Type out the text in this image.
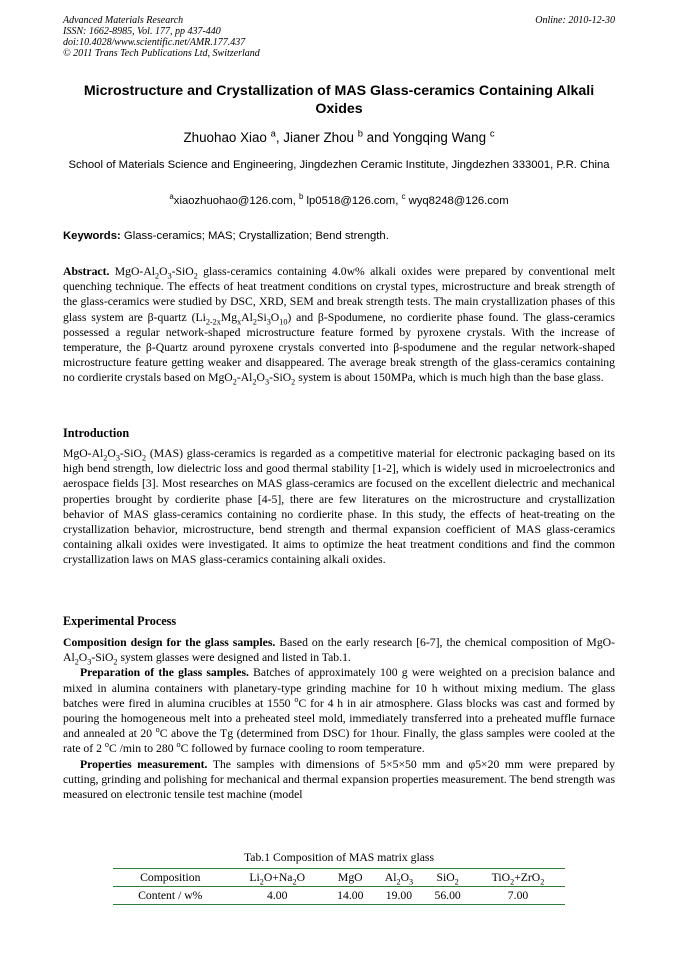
Advanced Materials Research
ISSN: 1662-8985, Vol. 177, pp 437-440
doi:10.4028/www.scientific.net/AMR.177.437
© 2011 Trans Tech Publications Ltd, Switzerland
Online: 2010-12-30
Microstructure and Crystallization of MAS Glass-ceramics Containing Alkali Oxides
Zhuohao Xiao $^a$, Jianer Zhou $^b$ and Yongqing Wang $^c$
School of Materials Science and Engineering, Jingdezhen Ceramic Institute, Jingdezhen 333001, P.R. China
$^a$xiaozhuohao@126.com, $^b$ lp0518@126.com, $^c$ wyq8248@126.com
Keywords: Glass-ceramics; MAS; Crystallization; Bend strength.
Abstract. MgO-$Al_2O_3-SiO_2$ glass-ceramics containing 4.0w% alkali oxides were prepared by conventional melt quenching technique. The effects of heat treatment conditions on crystal types, microstructure and break strength of the glass-ceramics were studied by DSC, XRD, SEM and break strength tests. The main crystallization phases of this glass system are β-quartz $(Li_{2-2x}Mg_xAl_2Si_3O_{10})$ and β-Spodumene, no cordierite phase found. The glass-ceramics possessed a regular network-shaped microstructure feature formed by pyroxene crystals. With the increase of temperature, the β-Quartz around pyroxene crystals converted into β-spodumene and the regular network-shaped microstructure feature getting weaker and disappeared. The average break strength of the glass-ceramics containing no cordierite crystals based on $MgO_2-Al_2O_3-SiO_2$ system is about 150MPa, which is much high than the base glass.
Introduction
MgO-$Al_2O_3-SiO_2$ (MAS) glass-ceramics is regarded as a competitive material for electronic packaging based on its high bend strength, low dielectric loss and good thermal stability [1-2], which is widely used in microelectronics and aerospace fields [3]. Most researches on MAS glass-ceramics are focused on the excellent dielectric and mechanical properties brought by cordierite phase [4-5], there are few literatures on the microstructure and crystallization behavior of MAS glass-ceramics containing no cordierite phase. In this study, the effects of heat-treating on the crystallization behavior, microstructure, bend strength and thermal expansion coefficient of MAS glass-ceramics containing alkali oxides were investigated. It aims to optimize the heat treatment conditions and find the common crystallization laws on MAS glass-ceramics containing alkali oxides.
Experimental Process

Composition design for the glass samples. Based on the early research [6-7], the chemical composition of MgO-$Al_2O_3-SiO_2$ system glasses were designed and listed in Tab.1.

Preparation of the glass samples. Batches of approximately 100 g were weighted on a precision balance and mixed in alumina containers with planetary-type grinding machine for 10 h without mixing medium. The glass batches were fired in alumina crucibles at 1550 $^o$C for 4 h in air atmosphere. Glass blocks was cast and formed by pouring the homogeneous melt into a preheated steel mold, immediately transferred into a preheated muffle furnace and annealed at 20 $^o$C above the Tg (determined from DSC) for 1hour. Finally, the glass samples were cooled at the rate of 2 $^o$C /min to 280 $^o$C followed by furnace cooling to room temperature.

Properties measurement. The samples with dimensions of 5×5×50 mm and φ5×20 mm were prepared by cutting, grinding and polishing for mechanical and thermal expansion properties measurement. The bend strength was measured on electronic tensile test machine (model

Tab.1 Composition of MAS matrix glass
Composition	$Li_2O+Na_2O$	MgO	$Al_2O_3$	SiO$_2$	TiO$_2$+ZrO$_2$
Content / w%	4.00	14.00	19.00	56.00	7.00
